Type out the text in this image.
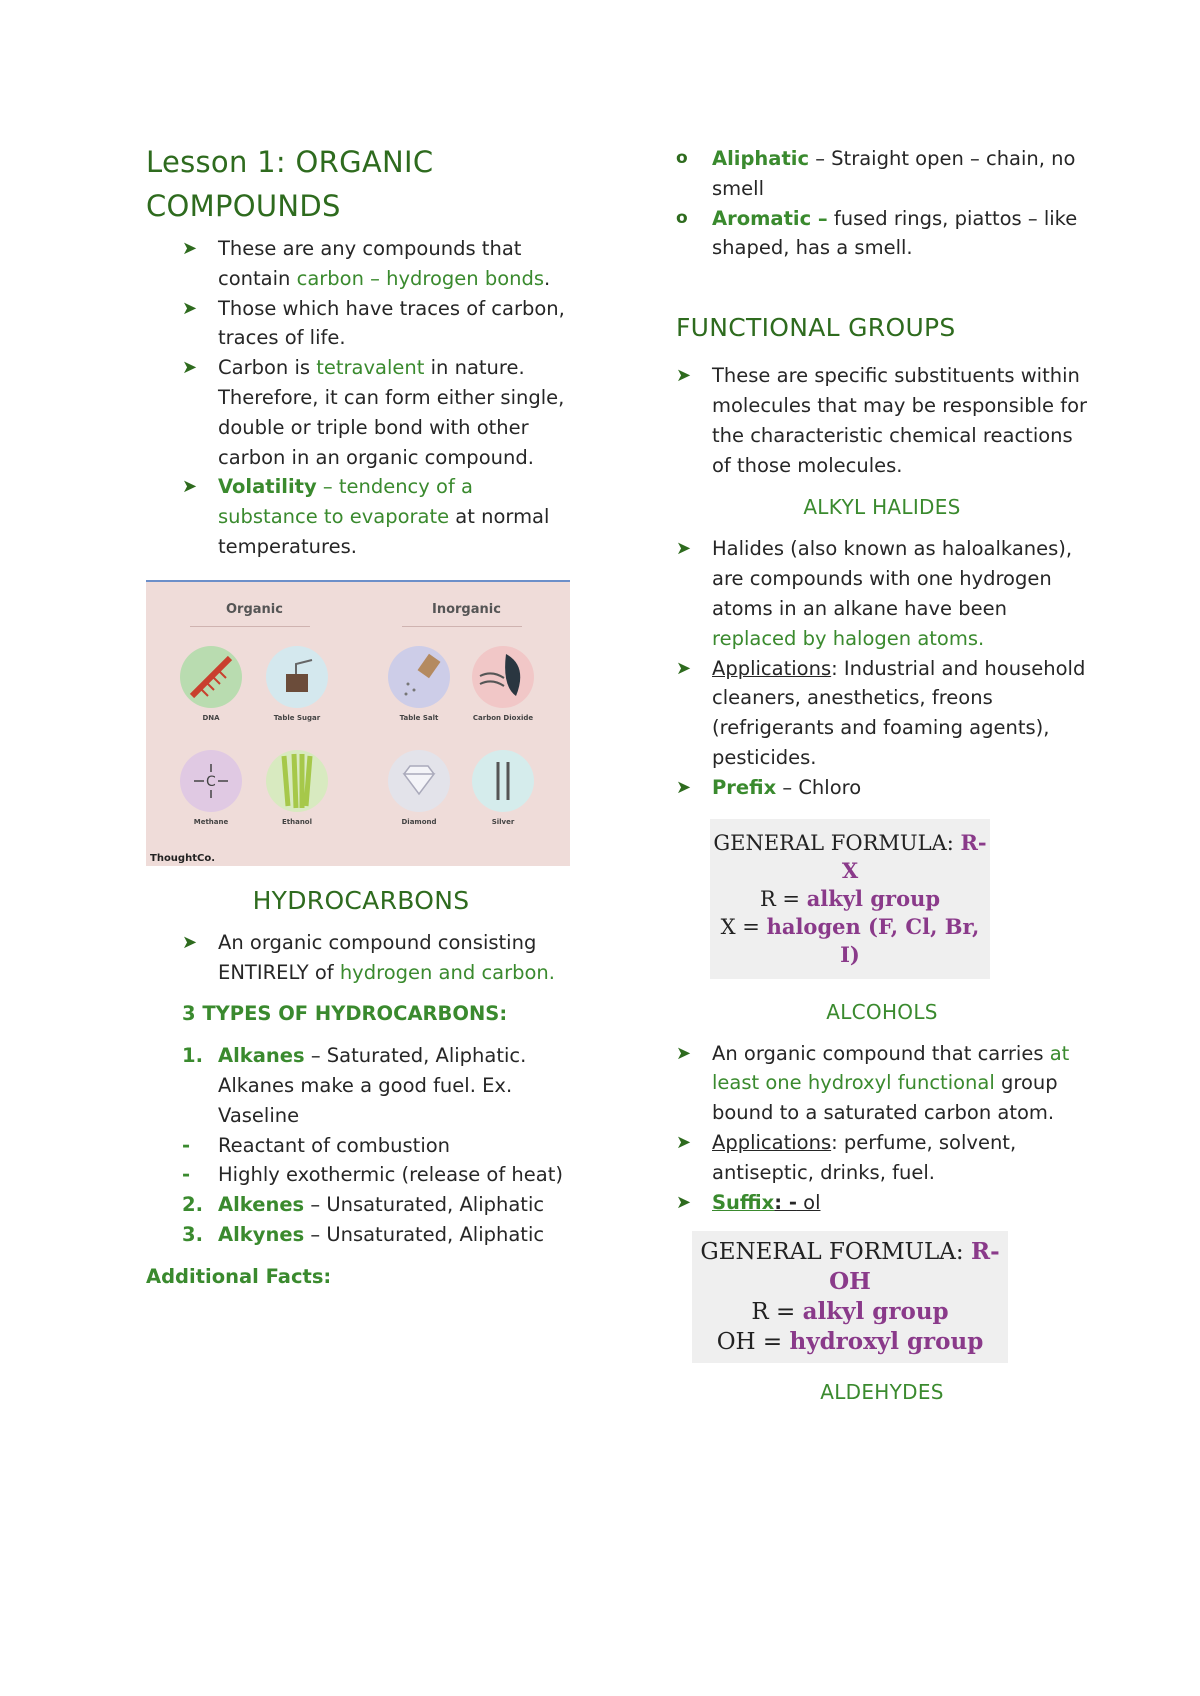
Lesson 1: ORGANIC COMPOUNDS
➤ These are any compounds that contain carbon – hydrogen bonds.
➤ Those which have traces of carbon, traces of life.
➤ Carbon is tetravalent in nature. Therefore, it can form either single, double or triple bond with other carbon in an organic compound.
➤ Volatility – tendency of a substance to evaporate at normal temperatures.
Organic	Inorganic
DNA	Table Sugar	Table Salt	Carbon Dioxide
C
Methane	Ethanol	Diamond	Silver
ThoughtCo.
HYDROCARBONS
➤ An organic compound consisting ENTIRELY of hydrogen and carbon.
3 TYPES OF HYDROCARBONS:
1. Alkanes – Saturated, Aliphatic. Alkanes make a good fuel. Ex. Vaseline
- Reactant of combustion
- Highly exothermic (release of heat)
2. Alkenes – Unsaturated, Aliphatic
3. Alkynes – Unsaturated, Aliphatic
Additional Facts:
o Aliphatic – Straight open – chain, no smell
o Aromatic – fused rings, piattos – like shaped, has a smell.
FUNCTIONAL GROUPS
➤ These are specific substituents within molecules that may be responsible for the characteristic chemical reactions of those molecules.
ALKYL HALIDES
➤ Halides (also known as haloalkanes), are compounds with one hydrogen atoms in an alkane have been replaced by halogen atoms.
➤ Applications: Industrial and household cleaners, anesthetics, freons (refrigerants and foaming agents), pesticides.
➤ Prefix – Chloro
GENERAL FORMULA: R-X
R = alkyl group
X = halogen (F, Cl, Br, I)
ALCOHOLS
➤ An organic compound that carries at least one hydroxyl functional group bound to a saturated carbon atom.
➤ Applications: perfume, solvent, antiseptic, drinks, fuel.
➤ Suffix: - ol
GENERAL FORMULA: R-OH
R = alkyl group
OH = hydroxyl group
ALDEHYDES
